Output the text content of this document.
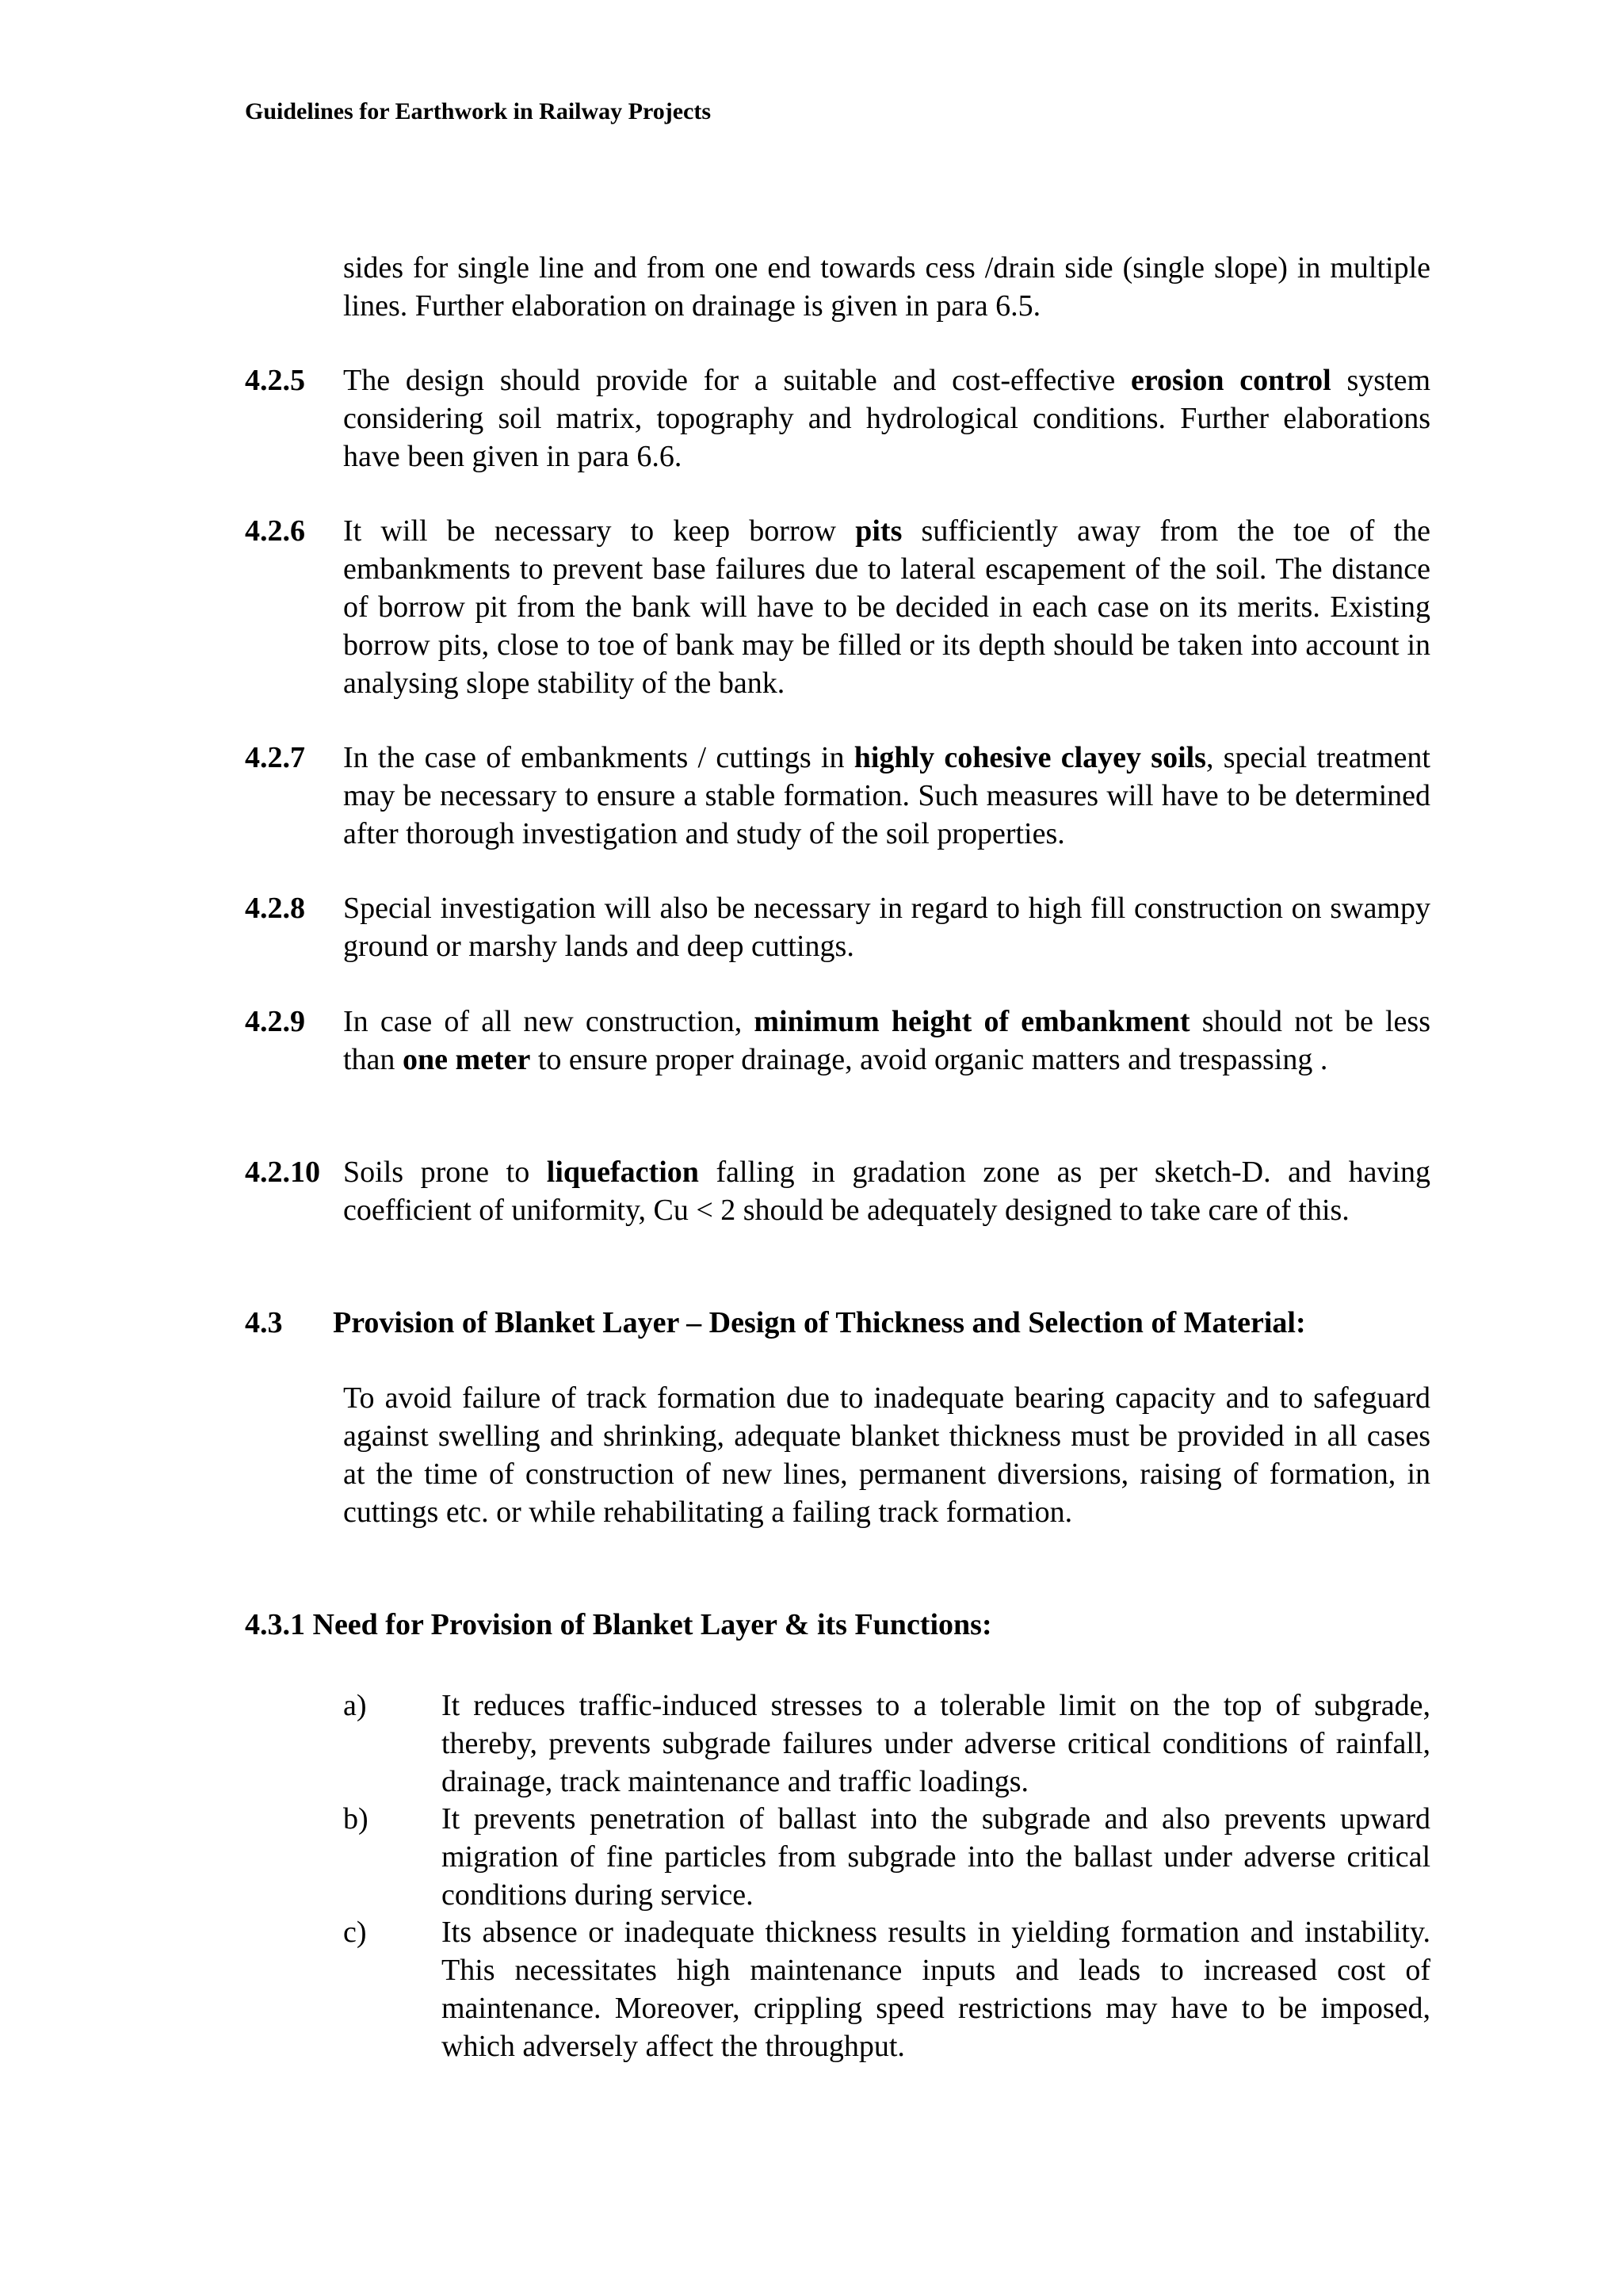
Guidelines for Earthwork in Railway Projects
sides for single line and from one end towards cess /drain side (single slope) in multiple lines. Further elaboration on drainage is given in para 6.5.
4.2.5 The design should provide for a suitable and cost-effective erosion control system considering soil matrix, topography and hydrological conditions. Further elaborations have been given in para 6.6.
4.2.6 It will be necessary to keep borrow pits sufficiently away from the toe of the embankments to prevent base failures due to lateral escapement of the soil. The distance of borrow pit from the bank will have to be decided in each case on its merits. Existing borrow pits, close to toe of bank may be filled or its depth should be taken into account in analysing slope stability of the bank.
4.2.7 In the case of embankments / cuttings in highly cohesive clayey soils, special treatment may be necessary to ensure a stable formation. Such measures will have to be determined after thorough investigation and study of the soil properties.
4.2.8 Special investigation will also be necessary in regard to high fill construction on swampy ground or marshy lands and deep cuttings.
4.2.9 In case of all new construction, minimum height of embankment should not be less than one meter to ensure proper drainage, avoid organic matters and trespassing .
4.2.10 Soils prone to liquefaction falling in gradation zone as per sketch-D. and having coefficient of uniformity, Cu < 2 should be adequately designed to take care of this.
4.3 Provision of Blanket Layer – Design of Thickness and Selection of Material:
To avoid failure of track formation due to inadequate bearing capacity and to safeguard against swelling and shrinking, adequate blanket thickness must be provided in all cases at the time of construction of new lines, permanent diversions, raising of formation, in cuttings etc. or while rehabilitating a failing track formation.
4.3.1 Need for Provision of Blanket Layer & its Functions:
a) It reduces traffic-induced stresses to a tolerable limit on the top of subgrade, thereby, prevents subgrade failures under adverse critical conditions of rainfall, drainage, track maintenance and traffic loadings.
b) It prevents penetration of ballast into the subgrade and also prevents upward migration of fine particles from subgrade into the ballast under adverse critical conditions during service.
c) Its absence or inadequate thickness results in yielding formation and instability. This necessitates high maintenance inputs and leads to increased cost of maintenance. Moreover, crippling speed restrictions may have to be imposed, which adversely affect the throughput.
